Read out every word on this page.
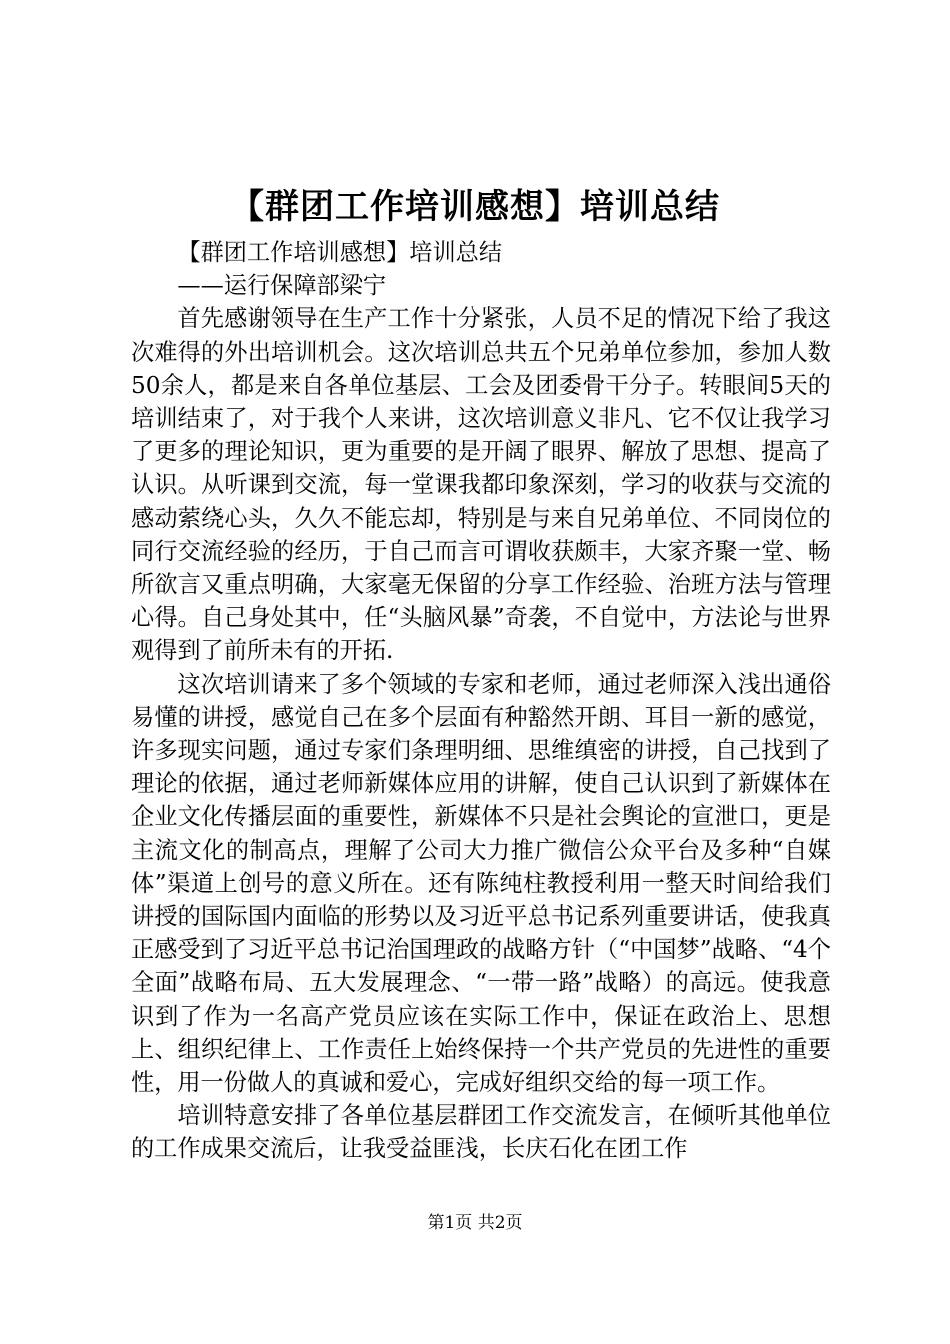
【群团工作培训感想】培训总结

【群团工作培训感想】培训总结

——运行保障部梁宁

首先感谢领导在生产工作十分紧张，人员不足的情况下给了我这次难得的外出培训机会。这次培训总共五个兄弟单位参加，参加人数50余人，都是来自各单位基层、工会及团委骨干分子。转眼间5天的培训结束了，对于我个人来讲，这次培训意义非凡、它不仅让我学习了更多的理论知识，更为重要的是开阔了眼界、解放了思想、提高了认识。从听课到交流，每一堂课我都印象深刻，学习的收获与交流的感动萦绕心头，久久不能忘却，特别是与来自兄弟单位、不同岗位的同行交流经验的经历，于自己而言可谓收获颇丰，大家齐聚一堂、畅所欲言又重点明确，大家毫无保留的分享工作经验、治班方法与管理心得。自己身处其中，任“头脑风暴”奇袭，不自觉中，方法论与世界观得到了前所未有的开拓.

这次培训请来了多个领域的专家和老师，通过老师深入浅出通俗易懂的讲授，感觉自己在多个层面有种豁然开朗、耳目一新的感觉，许多现实问题，通过专家们条理明细、思维缜密的讲授，自己找到了理论的依据，通过老师新媒体应用的讲解，使自己认识到了新媒体在企业文化传播层面的重要性，新媒体不只是社会舆论的宣泄口，更是主流文化的制高点，理解了公司大力推广微信公众平台及多种“自媒体”渠道上创号的意义所在。还有陈纯柱教授利用一整天时间给我们讲授的国际国内面临的形势以及习近平总书记系列重要讲话，使我真正感受到了习近平总书记治国理政的战略方针（“中国梦”战略、“4个全面”战略布局、五大发展理念、“一带一路”战略）的高远。使我意识到了作为一名高产党员应该在实际工作中，保证在政治上、思想上、组织纪律上、工作责任上始终保持一个共产党员的先进性的重要性，用一份做人的真诚和爱心，完成好组织交给的每一项工作。

培训特意安排了各单位基层群团工作交流发言，在倾听其他单位的工作成果交流后，让我受益匪浅，长庆石化在团工作

第1页 共2页
